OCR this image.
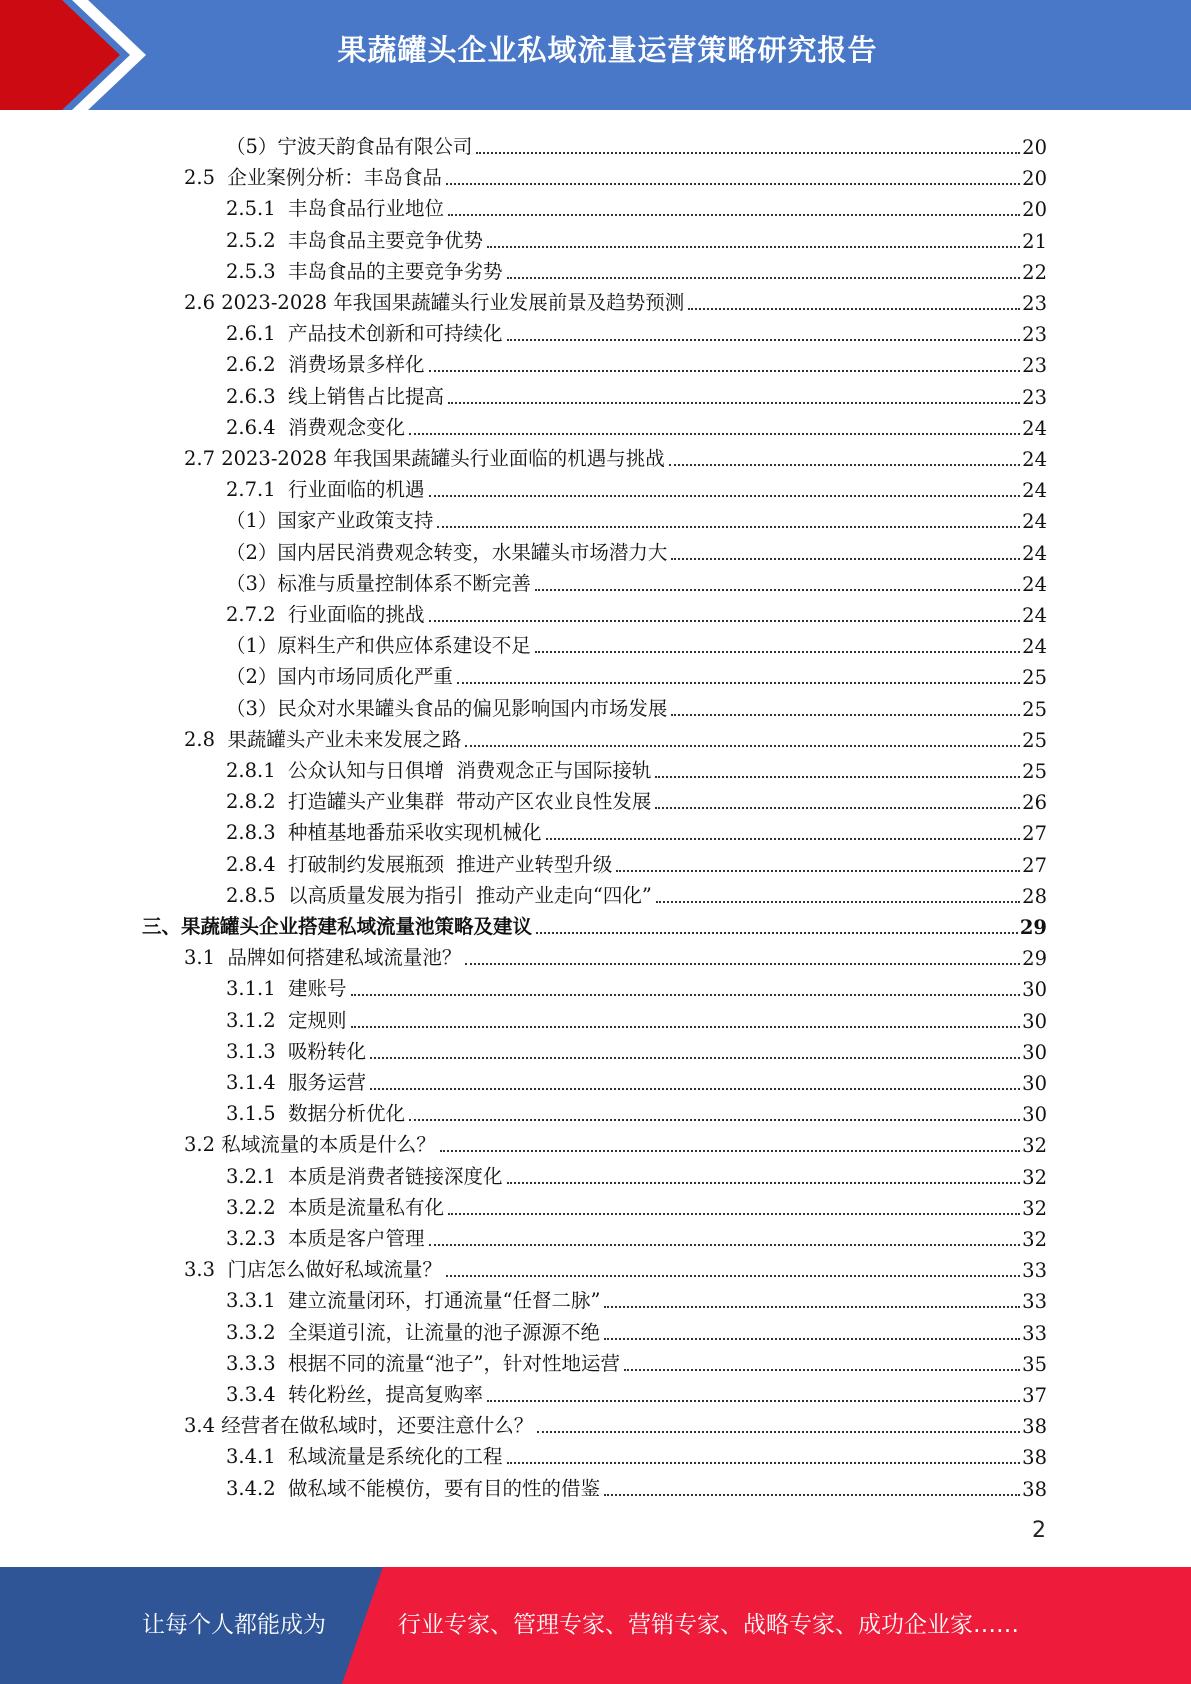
果蔬罐头企业私域流量运营策略研究报告
（5）宁波天韵食品有限公司	20
2.5  企业案例分析：丰岛食品	20
2.5.1  丰岛食品行业地位	20
2.5.2  丰岛食品主要竞争优势	21
2.5.3  丰岛食品的主要竞争劣势	22
2.6 2023-2028 年我国果蔬罐头行业发展前景及趋势预测	23
2.6.1  产品技术创新和可持续化	23
2.6.2  消费场景多样化	23
2.6.3  线上销售占比提高	23
2.6.4  消费观念变化	24
2.7 2023-2028 年我国果蔬罐头行业面临的机遇与挑战	24
2.7.1  行业面临的机遇	24
（1）国家产业政策支持	24
（2）国内居民消费观念转变，水果罐头市场潜力大	24
（3）标准与质量控制体系不断完善	24
2.7.2  行业面临的挑战	24
（1）原料生产和供应体系建设不足	24
（2）国内市场同质化严重	25
（3）民众对水果罐头食品的偏见影响国内市场发展	25
2.8  果蔬罐头产业未来发展之路	25
2.8.1  公众认知与日俱增  消费观念正与国际接轨	25
2.8.2  打造罐头产业集群  带动产区农业良性发展	26
2.8.3  种植基地番茄采收实现机械化	27
2.8.4  打破制约发展瓶颈  推进产业转型升级	27
2.8.5  以高质量发展为指引  推动产业走向“四化”	28
三、果蔬罐头企业搭建私域流量池策略及建议	29
3.1  品牌如何搭建私域流量池？	29
3.1.1  建账号	30
3.1.2  定规则	30
3.1.3  吸粉转化	30
3.1.4  服务运营	30
3.1.5  数据分析优化	30
3.2 私域流量的本质是什么？	32
3.2.1  本质是消费者链接深度化	32
3.2.2  本质是流量私有化	32
3.2.3  本质是客户管理	32
3.3  门店怎么做好私域流量？	33
3.3.1  建立流量闭环，打通流量“任督二脉”	33
3.3.2  全渠道引流，让流量的池子源源不绝	33
3.3.3  根据不同的流量“池子”，针对性地运营	35
3.3.4  转化粉丝，提高复购率	37
3.4 经营者在做私域时，还要注意什么？	38
3.4.1  私域流量是系统化的工程	38
3.4.2  做私域不能模仿，要有目的性的借鉴	38
2
让每个人都能成为	行业专家、管理专家、营销专家、战略专家、成功企业家……
